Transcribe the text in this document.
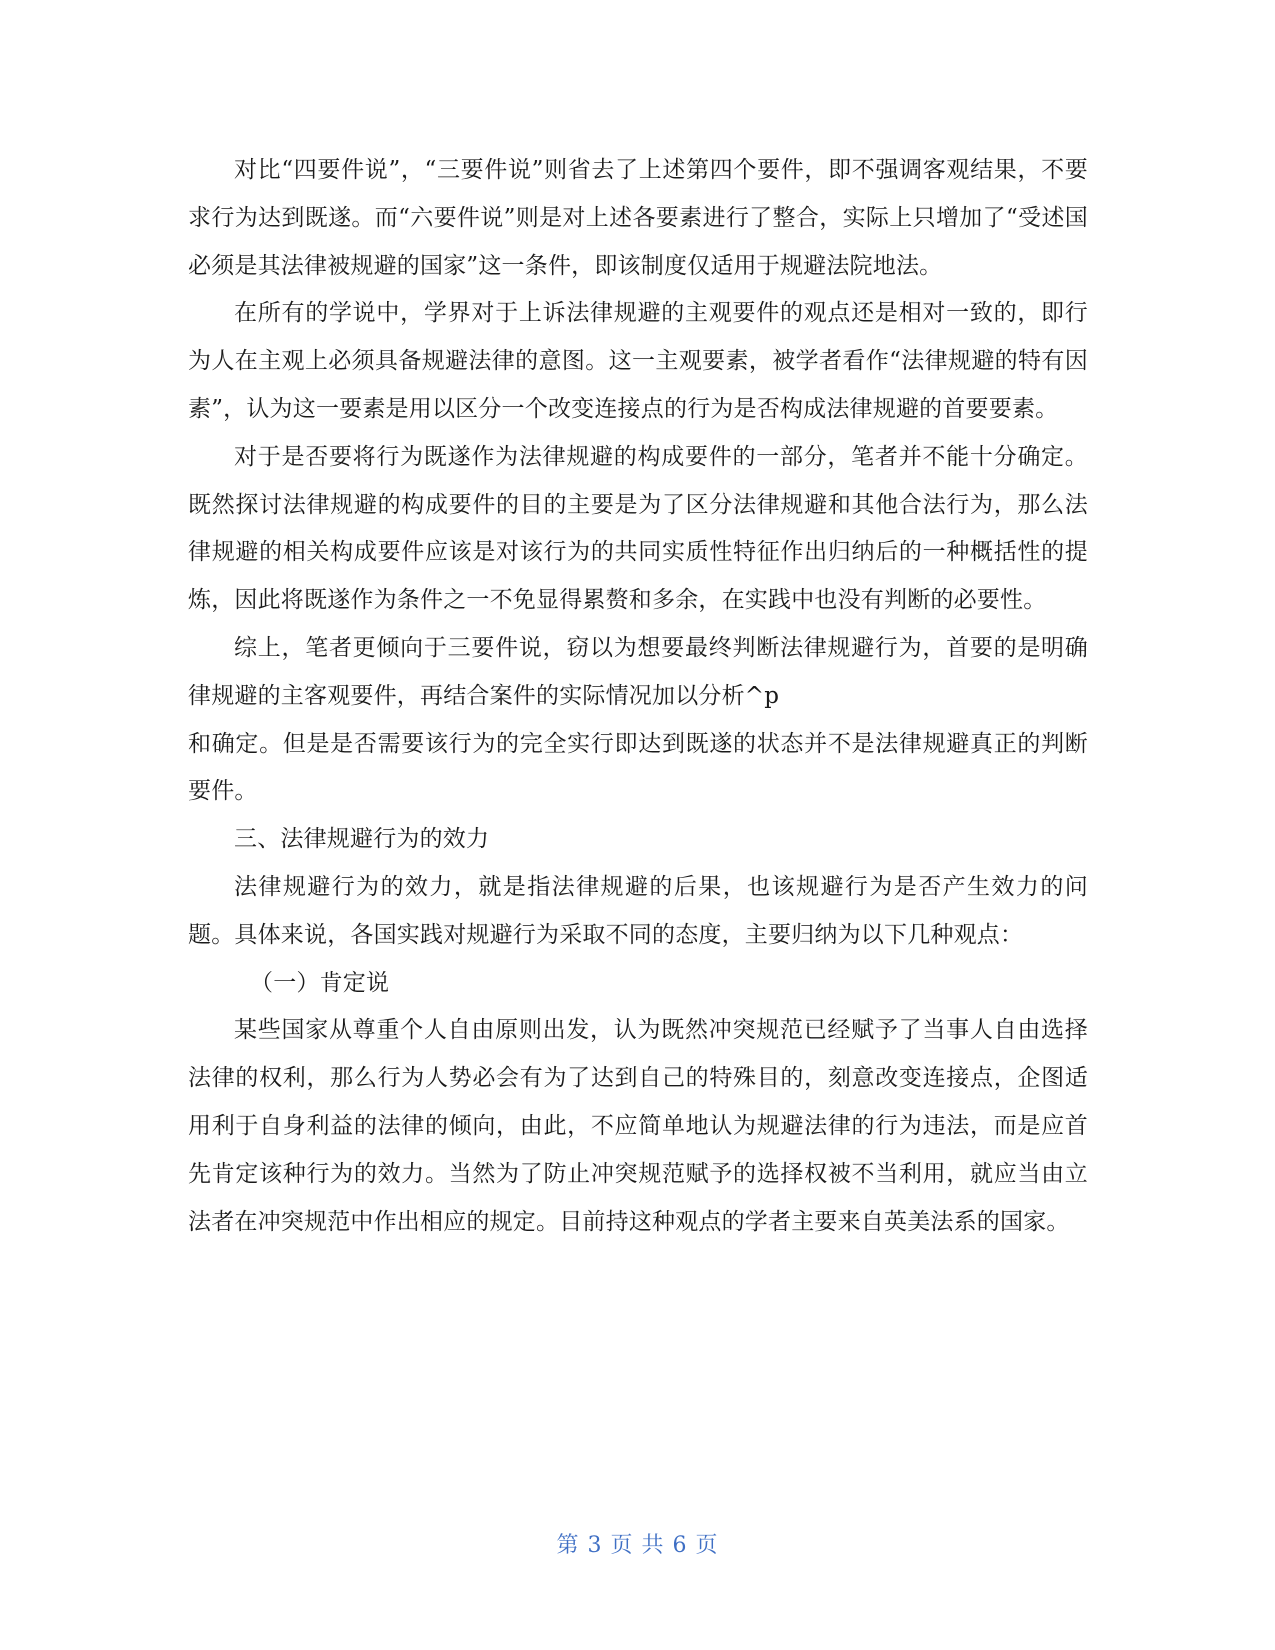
对比“四要件说”，“三要件说”则省去了上述第四个要件，即不强调客观结果，不要求行为达到既遂。而“六要件说”则是对上述各要素进行了整合，实际上只增加了“受述国必须是其法律被规避的国家”这一条件，即该制度仅适用于规避法院地法。

在所有的学说中，学界对于上诉法律规避的主观要件的观点还是相对一致的，即行为人在主观上必须具备规避法律的意图。这一主观要素，被学者看作“法律规避的特有因素”，认为这一要素是用以区分一个改变连接点的行为是否构成法律规避的首要要素。

对于是否要将行为既遂作为法律规避的构成要件的一部分，笔者并不能十分确定。既然探讨法律规避的构成要件的目的主要是为了区分法律规避和其他合法行为，那么法律规避的相关构成要件应该是对该行为的共同实质性特征作出归纳后的一种概括性的提炼，因此将既遂作为条件之一不免显得累赘和多余，在实践中也没有判断的必要性。

综上，笔者更倾向于三要件说，窃以为想要最终判断法律规避行为，首要的是明确律规避的主客观要件，再结合案件的实际情况加以分析^p

和确定。但是是否需要该行为的完全实行即达到既遂的状态并不是法律规避真正的判断要件。

三、法律规避行为的效力

法律规避行为的效力，就是指法律规避的后果，也该规避行为是否产生效力的问题。具体来说，各国实践对规避行为采取不同的态度，主要归纳为以下几种观点：

（一）肯定说

某些国家从尊重个人自由原则出发，认为既然冲突规范已经赋予了当事人自由选择法律的权利，那么行为人势必会有为了达到自己的特殊目的，刻意改变连接点，企图适用利于自身利益的法律的倾向，由此，不应简单地认为规避法律的行为违法，而是应首先肯定该种行为的效力。当然为了防止冲突规范赋予的选择权被不当利用，就应当由立法者在冲突规范中作出相应的规定。目前持这种观点的学者主要来自英美法系的国家。

第 3 页 共 6 页
